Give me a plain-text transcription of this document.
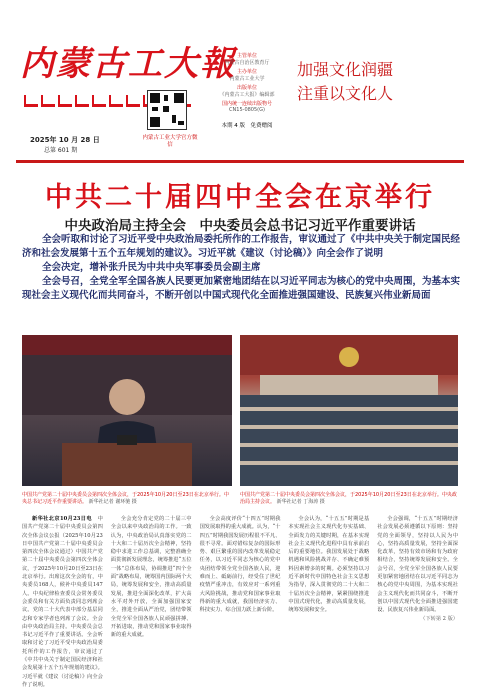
内蒙古工大報
2025年 10 月 28 日
总第 601 期
内蒙古工业大学官方微信
主管单位
内蒙古自治区教育厅
主办单位
内蒙古工业大学
出版单位
《内蒙古工大报》编辑部
国内统一连续出版物号
CN15-0805(G)
本期 4 版　免费赠阅
加强文化润疆
注重以文化人
中共二十届四中全会在京举行
中央政治局主持全会　中央委员会总书记习近平作重要讲话

全会听取和讨论了习近平受中央政治局委托所作的工作报告，审议通过了《中共中央关于制定国民经济和社会发展第十五个五年规划的建议》。习近平就《建议（讨论稿）》向全会作了说明

全会决定，增补张升民为中共中央军事委员会副主席

全会号召，全党全军全国各族人民要更加紧密地团结在以习近平同志为核心的党中央周围，为基本实现社会主义现代化而共同奋斗，不断开创以中国式现代化全面推进强国建设、民族复兴伟业新局面

中国共产党第二十届中央委员会第四次全体会议，于2025年10月20日至23日在北京举行。中央总书记习近平作重要讲话。 新华社记者 谢环驰 摄
中国共产党第二十届中央委员会第四次全体会议，于2025年10月20日至23日在北京举行。中央政治局主持会议。 新华社记者 丁海涛 摄

新华社北京10月23日电　 中国共产党第二十届中央委员会第四次全体会议公报（2025年10月23日中国共产党第二十届中央委员会第四次全体会议通过）中国共产党第二十届中央委员会第四次全体会议，于2025年10月20日至23日在北京举行。出席这次全会的有，中央委员168人，候补中央委员147人。中央纪律检查委员会常务委员会委员和有关方面负责同志列席会议。党的二十大代表中部分基层同志和专家学者也列席了会议。全会由中央政治局主持。中央委员会总书记习近平作了重要讲话。全会听取和讨论了习近平受中央政治局委托所作的工作报告，审议通过了《中共中央关于制定国民经济和社会发展第十五个五年规划的建议》。习近平就《建议（讨论稿）》向全会作了说明。

全会充分肯定党的二十届三中全会以来中央政治局的工作。一致认为，中央政治局认真落实党的二十大和二十届历次全会精神，坚持稳中求进工作总基调，完整准确全面贯彻新发展理念，统筹推进“五位一体”总体布局，协调推进“四个全面”战略布局，统筹国内国际两个大局，统筹发展和安全，推动高质量发展，推进全面深化改革，扩大高水平对外开放，全面加强国家安全，推进全面从严治党，团结带领全党全军全国各族人民顽强拼搏、开拓进取，推动党和国家事业取得新的重大成就。

全会高度评价“十四五”时期我国发展取得的重大成就。认为，“十四五”时期我国发展历程很不平凡、很不寻常。面对错综复杂的国际形势、艰巨繁重的国内改革发展稳定任务，以习近平同志为核心的党中央团结带领全党全国各族人民，迎难而上、砥砺前行，经受住了世纪疫情严重冲击，有效应对一系列重大风险挑战，推动党和国家事业取得新的重大成就，我国经济实力、科技实力、综合国力跃上新台阶。

全会认为，“十五五”时期是基本实现社会主义现代化夯实基础、全面发力的关键时期，在基本实现社会主义现代化进程中具有承前启后的重要地位。我国发展处于战略机遇和风险挑战并存、不确定难预料因素增多的时期。必须坚持以习近平新时代中国特色社会主义思想为指导，深入贯彻党的二十大和二十届历次全会精神，紧紧围绕推进中国式现代化，推动高质量发展，统筹发展和安全。

全会强调，“十五五”时期经济社会发展必须遵循以下原则：坚持党的全面领导，坚持以人民为中心，坚持高质量发展，坚持全面深化改革，坚持有效市场和有为政府相结合，坚持统筹发展和安全。全会号召，全党全军全国各族人民要更加紧密地团结在以习近平同志为核心的党中央周围，为基本实现社会主义现代化而共同奋斗，不断开创以中国式现代化全面推进强国建设、民族复兴伟业新局面。

（下转第 2 版）
